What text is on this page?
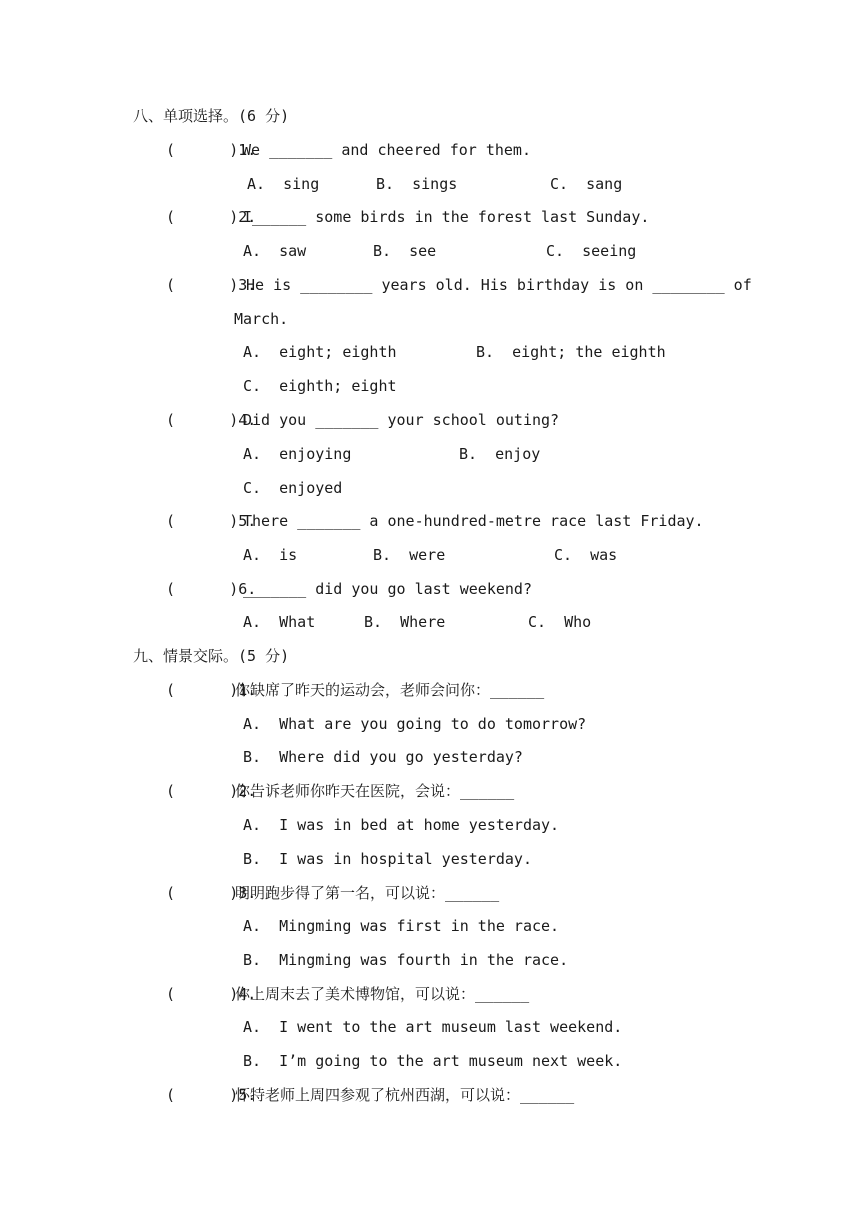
八、单项选择。(6 分)
(      )1.
We _______ and cheered for them.
A.  sing	B.  sings	C.  sang
(      )2.
I______ some birds in the forest last Sunday.
A.  saw	B.  see	C.  seeing
(      )3.
He is ________ years old. His birthday is on ________ of
March.
A.  eight; eighth	B.  eight; the eighth
C.  eighth; eight
(      )4.
Did you _______ your school outing?
A.  enjoying	B.  enjoy
C.  enjoyed
(      )5.
There _______ a one-hundred-metre race last Friday.
A.  is	B.  were	C.  was
(      )6.
_______ did you go last weekend?
A.  What	B.  Where	C.  Who
九、情景交际。(5 分)
(      )1.
你缺席了昨天的运动会，老师会问你：______
A.  What are you going to do tomorrow?
B.  Where did you go yesterday?
(      )2.
你告诉老师你昨天在医院，会说：______
A.  I was in bed at home yesterday.
B.  I was in hospital yesterday.
(      )3.
明明跑步得了第一名，可以说：______
A.  Mingming was first in the race.
B.  Mingming was fourth in the race.
(      )4.
你上周末去了美术博物馆，可以说：______
A.  I went to the art museum last weekend.
B.  I’m going to the art museum next week.
(      )5.
怀特老师上周四参观了杭州西湖，可以说：______
